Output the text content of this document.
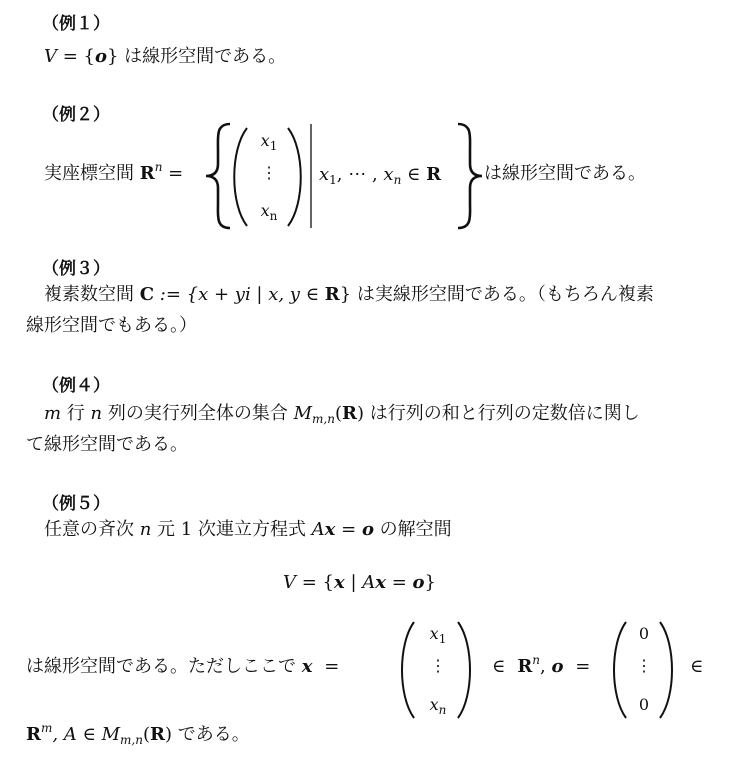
（例１）
V = {o} は線形空間である。
（例２）
実座標空間 $R^n$ =
$x_1$
⋮
$x_n$
$x_1$, ⋯ , $x_n$ ∈ R は線形空間である。
（例３）
複素数空間 C := {x + yi | x, y ∈ R} は実線形空間である。（もちろん複素
線形空間でもある。）
（例４）
m 行 n 列の実行列全体の集合 $M_{m,n}(R)$ は行列の和と行列の定数倍に関し
て線形空間である。
（例５）
任意の斉次 n 元 1 次連立方程式 Ax = o の解空間
V = {x | Ax = o}
は線形空間である。ただしここで x =
$x_1$
⋮
$x_n$
∈ $R^n$, o =
0
⋮
0
∈
$R^m$, A ∈ $M_{m,n}(R)$ である。
